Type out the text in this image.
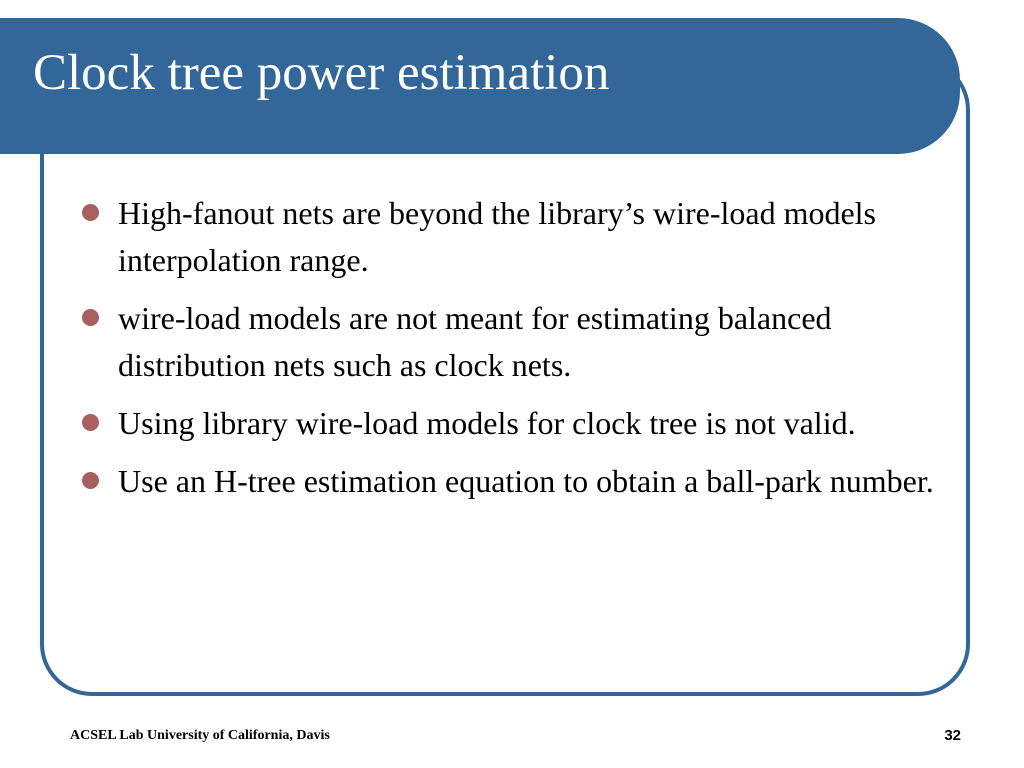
Clock tree power estimation
High-fanout nets are beyond the library’s wire-load models interpolation range.
wire-load models are not meant for estimating balanced distribution nets such as clock nets.
Using library wire-load models for clock tree is not valid.
Use an H-tree estimation equation to obtain a ball-park number.
ACSEL Lab University of California, Davis	32
